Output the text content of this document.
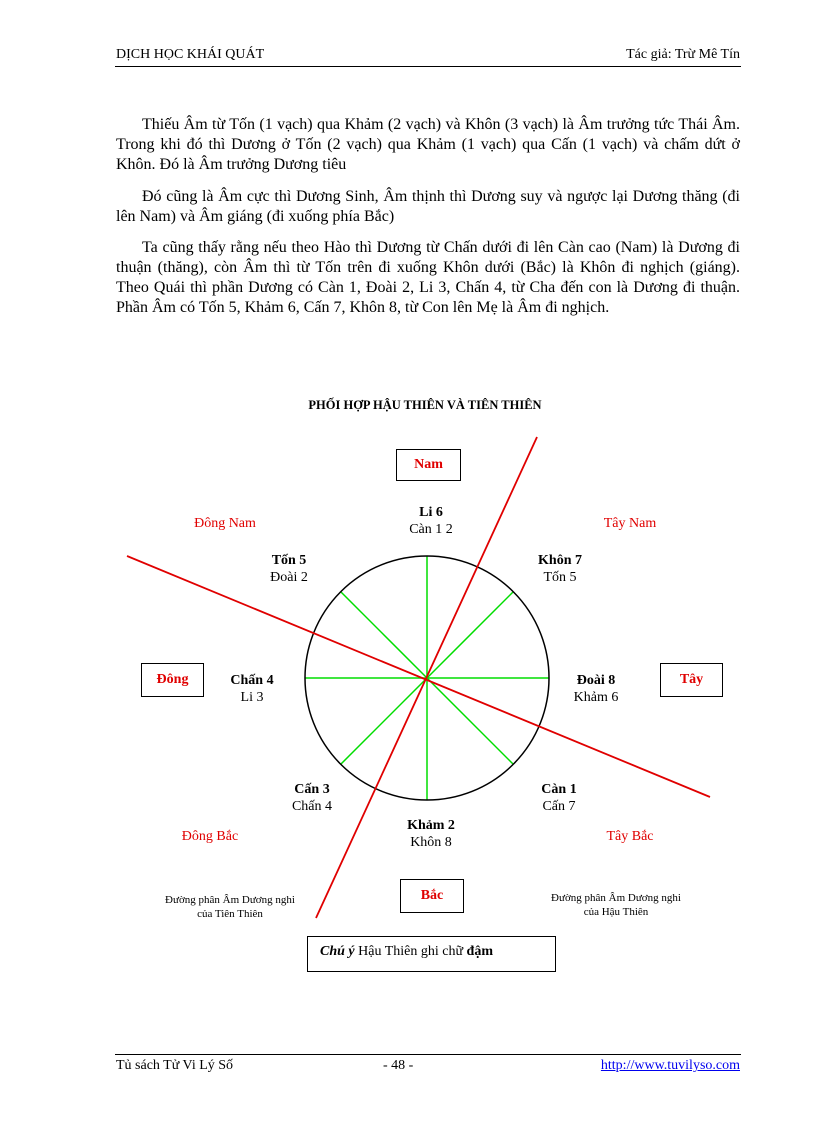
DỊCH HỌC KHÁI QUÁT	Tác giả: Trừ Mê Tín

Thiếu Âm từ Tốn (1 vạch) qua Khảm (2 vạch) và Khôn (3 vạch) là Âm trưởng tức Thái Âm. Trong khi đó thì Dương ở Tốn (2 vạch) qua Khảm (1 vạch) qua Cấn (1 vạch) và chấm dứt ở Khôn. Đó là Âm trưởng Dương tiêu

Đó cũng là Âm cực thì Dương Sinh, Âm thịnh thì Dương suy và ngược lại Dương thăng (đi lên Nam) và Âm giáng (đi xuống phía Bắc)

Ta cũng thấy rằng nếu theo Hào thì Dương từ Chấn dưới đi lên Càn cao (Nam) là Dương đi thuận (thăng), còn Âm thì từ Tốn trên đi xuống Khôn dưới (Bắc) là Khôn đi nghịch (giáng). Theo Quái thì phần Dương có Càn 1, Đoài 2, Li 3, Chấn 4, từ Cha đến con là Dương đi thuận. Phần Âm có Tốn 5, Khảm 6, Cấn 7, Khôn 8, từ Con lên Mẹ là Âm đi nghịch.

PHỐI HỢP HẬU THIÊN VÀ TIÊN THIÊN
Nam
Đông	Tây
Bắc
Đông Nam	Tây Nam
Đông Bắc	Tây Bắc
Li 6
Càn 1 2
Tốn 5
Đoài 2
Khôn 7
Tốn 5
Chấn 4
Li 3
Đoài 8
Khảm 6
Cấn 3
Chấn 4
Càn 1
Cấn 7
Khảm 2
Khôn 8
Đường phân Âm Dương nghi
của Tiên Thiên
Đường phân Âm Dương nghi
của Hậu Thiên
Chú ý Hậu Thiên ghi chữ đậm
Tủ sách Tử Vi Lý Số	- 48 -	http://www.tuvilyso.com
